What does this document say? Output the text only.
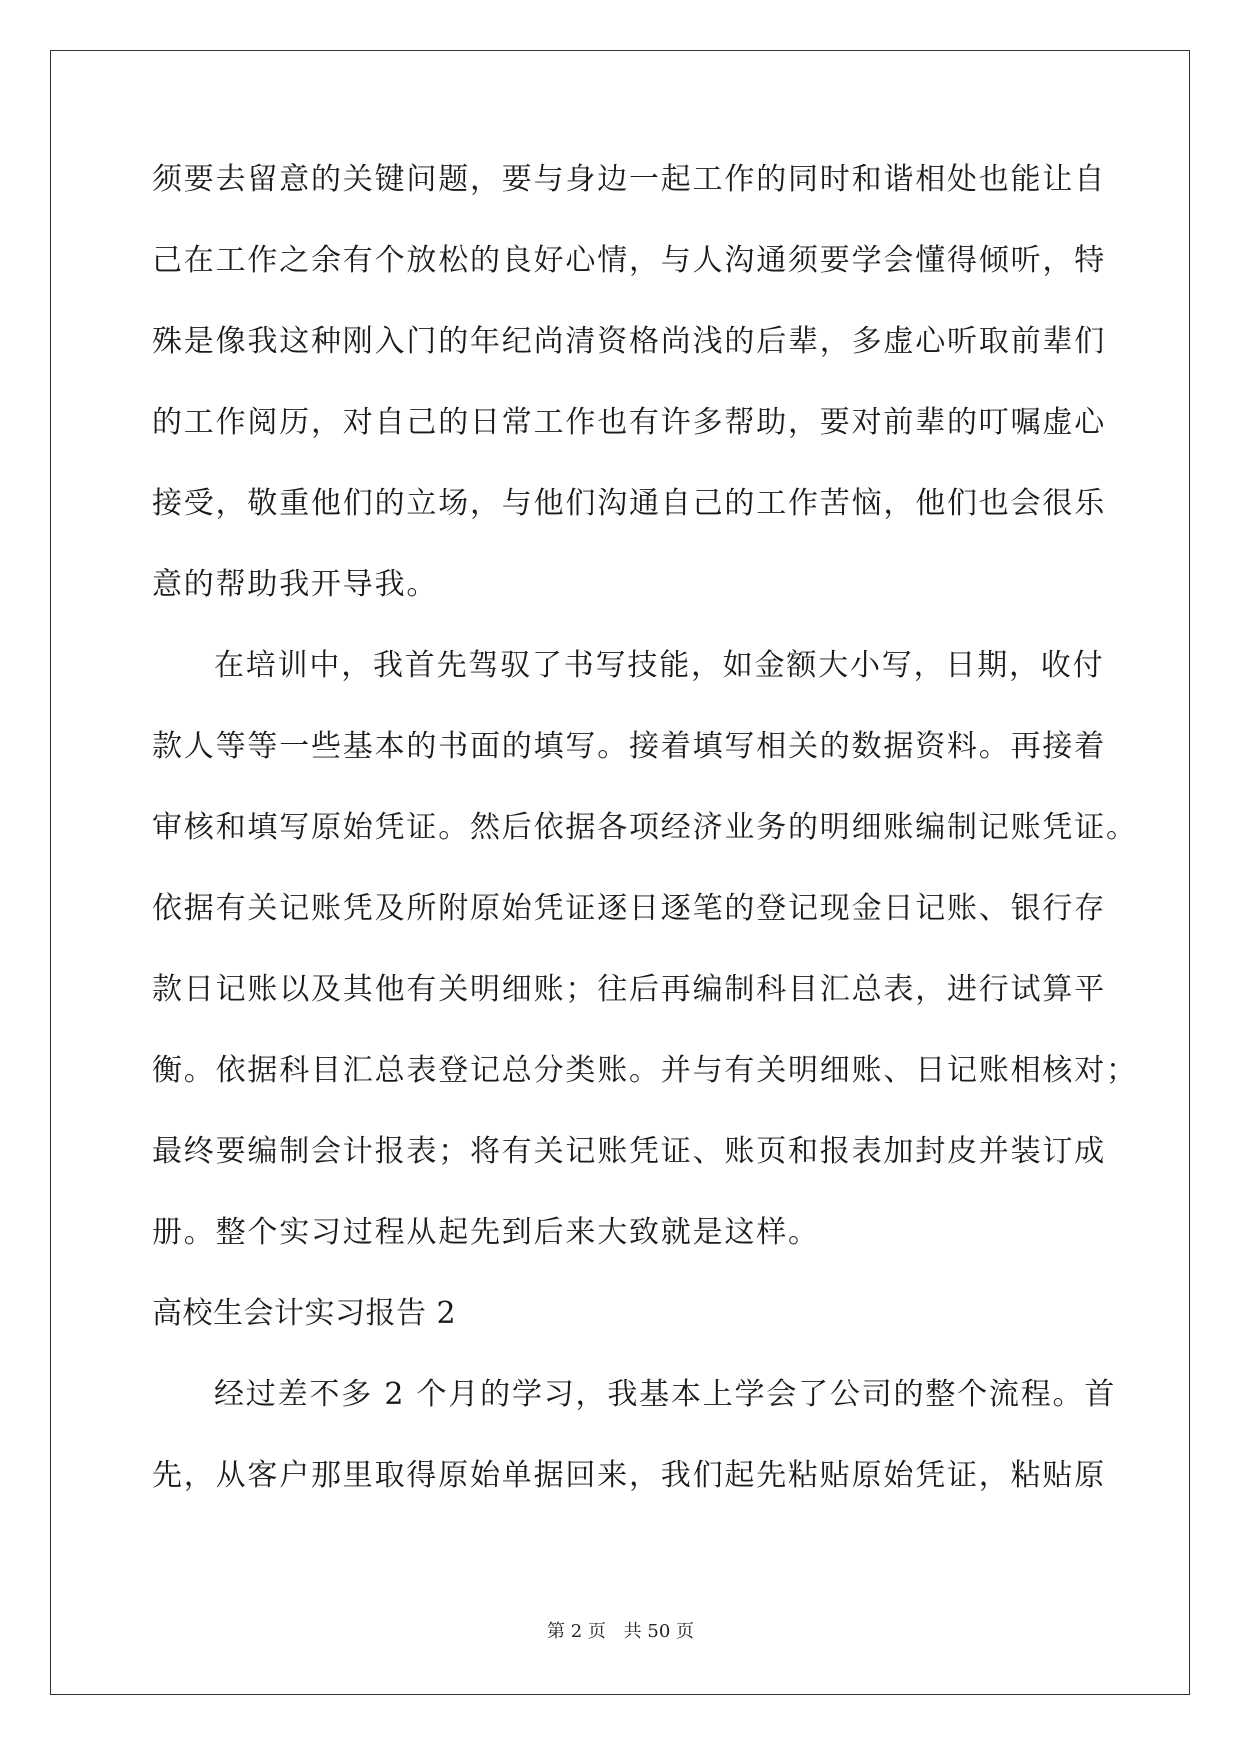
须要去留意的关键问题，要与身边一起工作的同时和谐相处也能让自
己在工作之余有个放松的良好心情，与人沟通须要学会懂得倾听，特
殊是像我这种刚入门的年纪尚清资格尚浅的后辈，多虚心听取前辈们
的工作阅历，对自己的日常工作也有许多帮助，要对前辈的叮嘱虚心
接受，敬重他们的立场，与他们沟通自己的工作苦恼，他们也会很乐
意的帮助我开导我。
在培训中，我首先驾驭了书写技能，如金额大小写，日期，收付
款人等等一些基本的书面的填写。接着填写相关的数据资料。再接着
审核和填写原始凭证。然后依据各项经济业务的明细账编制记账凭证。
依据有关记账凭及所附原始凭证逐日逐笔的登记现金日记账、银行存
款日记账以及其他有关明细账；往后再编制科目汇总表，进行试算平
衡。依据科目汇总表登记总分类账。并与有关明细账、日记账相核对；
最终要编制会计报表；将有关记账凭证、账页和报表加封皮并装订成
册。整个实习过程从起先到后来大致就是这样。
高校生会计实习报告 2
经过差不多 2 个月的学习，我基本上学会了公司的整个流程。首
先，从客户那里取得原始单据回来，我们起先粘贴原始凭证，粘贴原
第 2 页 共 50 页
